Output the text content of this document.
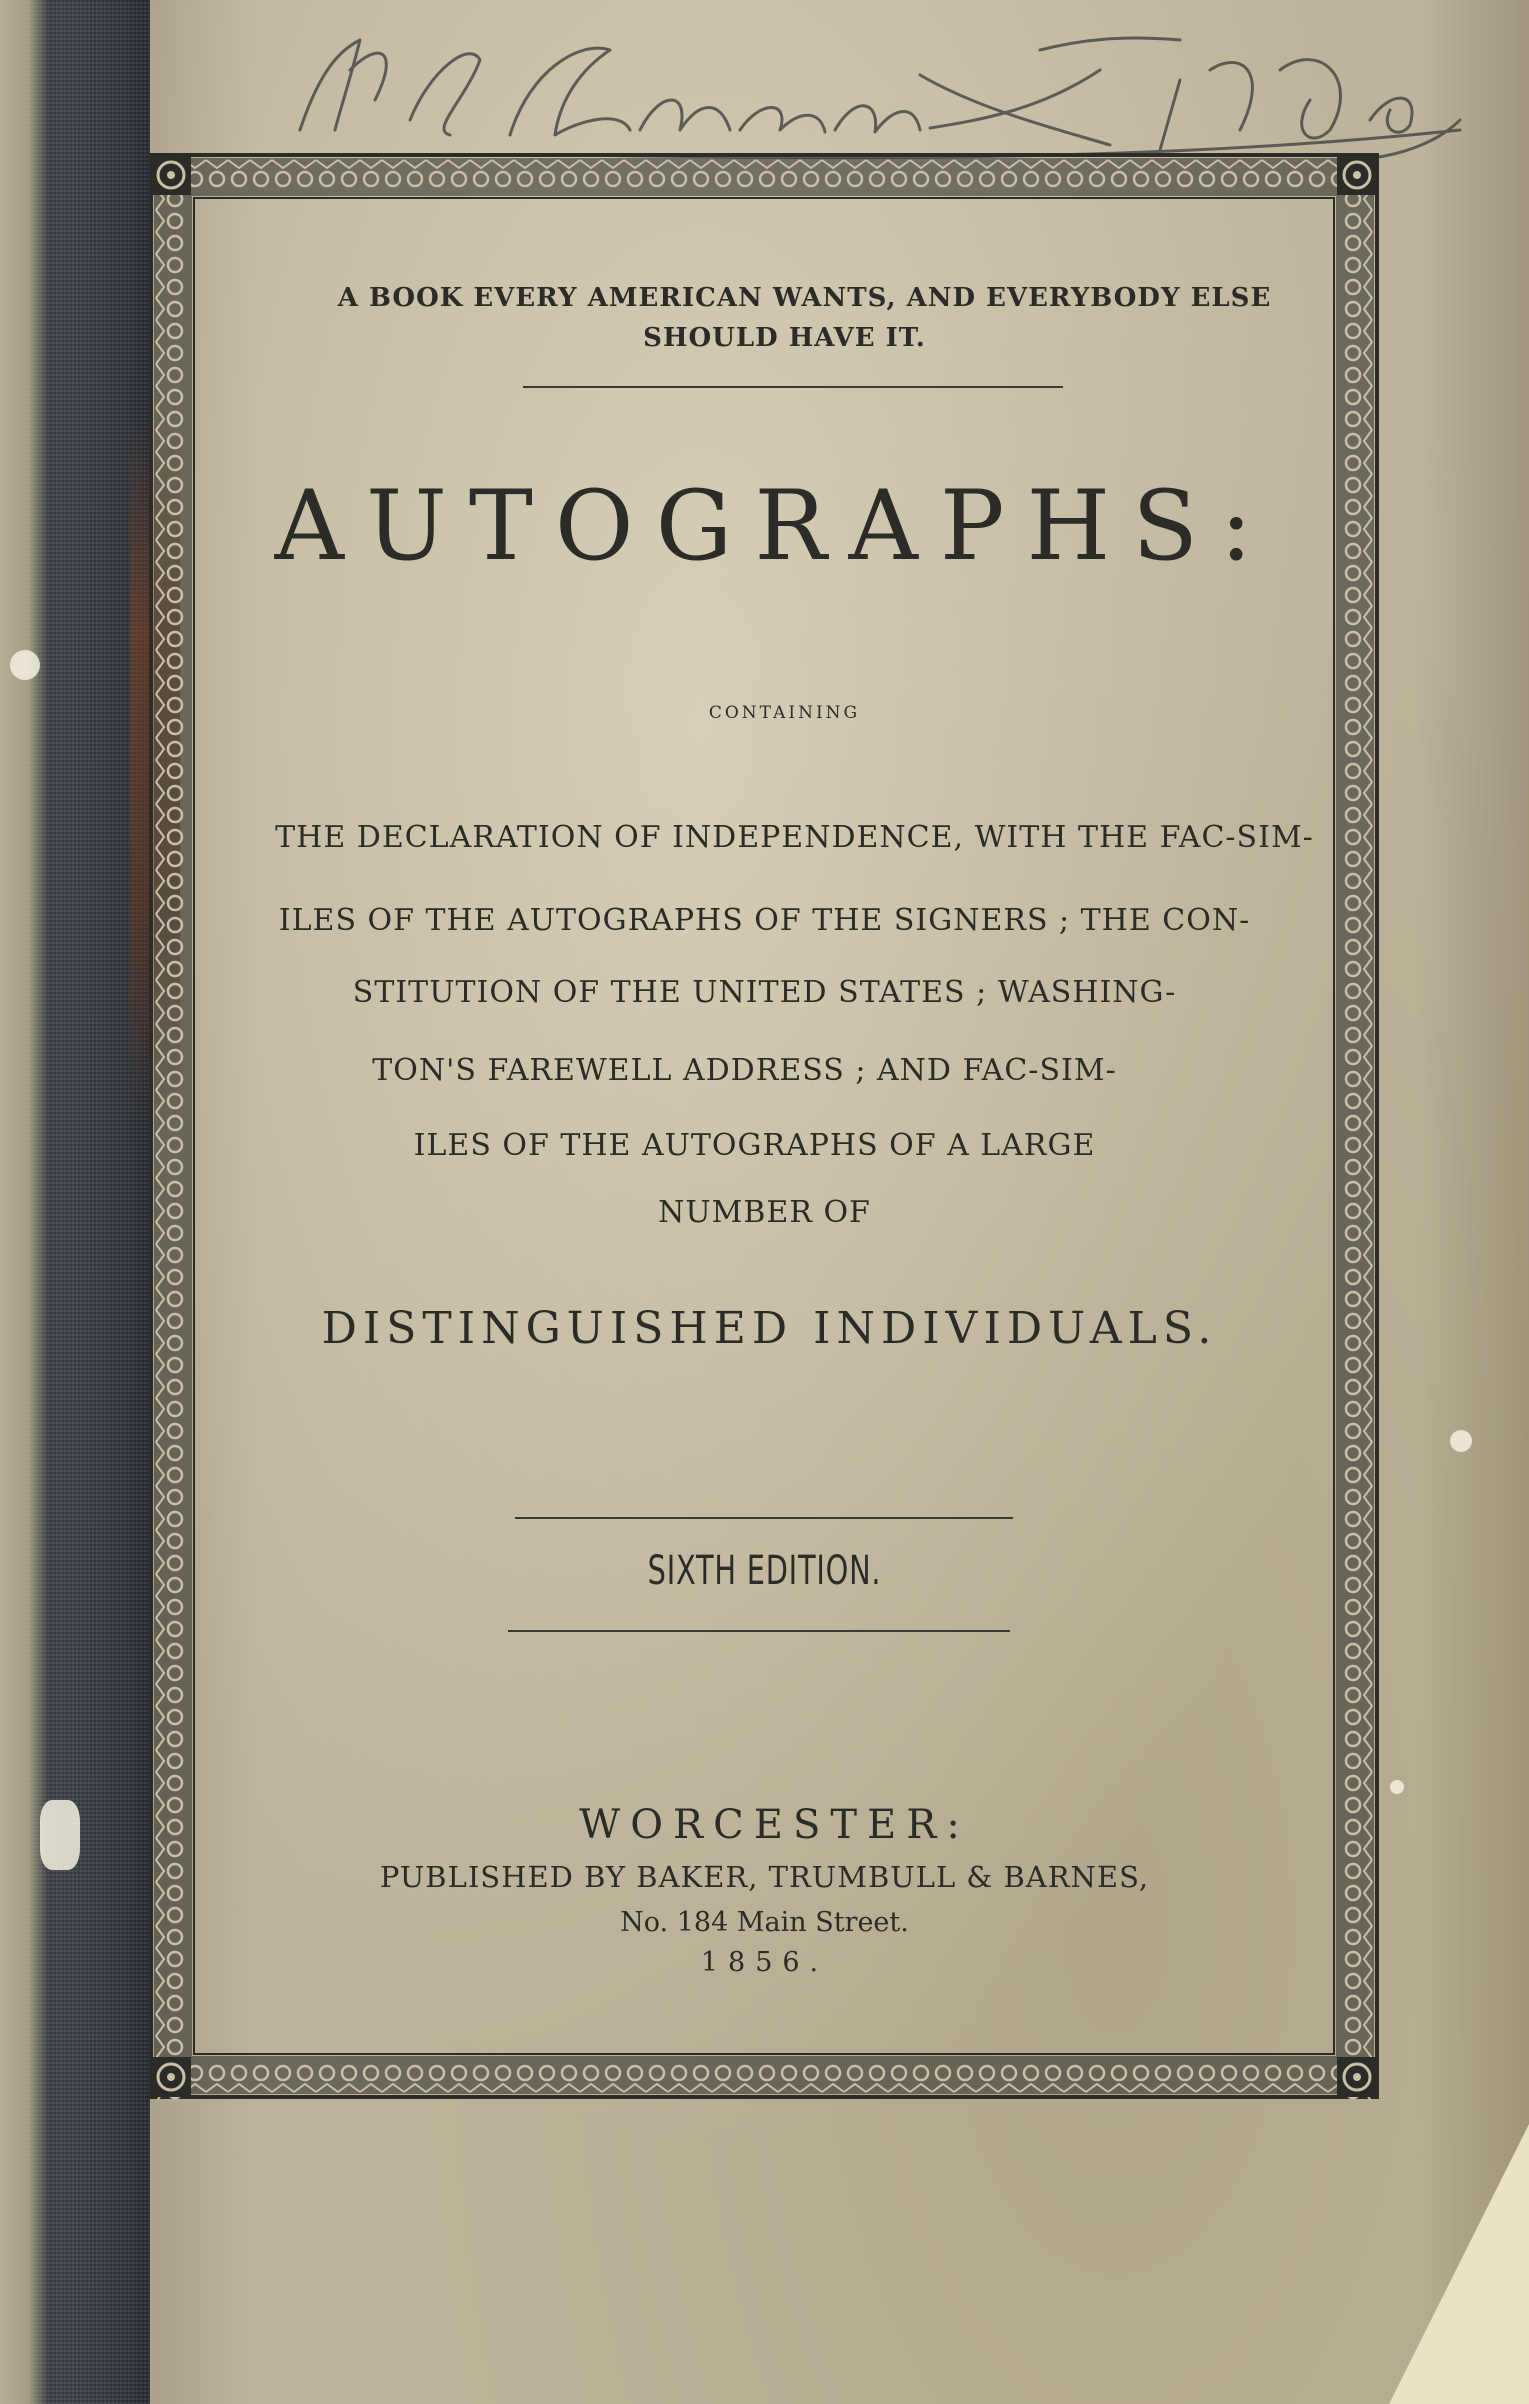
A BOOK EVERY AMERICAN WANTS, AND EVERYBODY ELSE
SHOULD HAVE IT.
AUTOGRAPHS:
CONTAINING
THE DECLARATION OF INDEPENDENCE, WITH THE FAC-SIM-
ILES OF THE AUTOGRAPHS OF THE SIGNERS ; THE CON-
STITUTION OF THE UNITED STATES ; WASHING-
TON'S FAREWELL ADDRESS ; AND FAC-SIM-
ILES OF THE AUTOGRAPHS OF A LARGE
NUMBER OF
DISTINGUISHED INDIVIDUALS.
SIXTH EDITION.
WORCESTER:
PUBLISHED BY BAKER, TRUMBULL & BARNES,
No. 184 Main Street.
1856.
